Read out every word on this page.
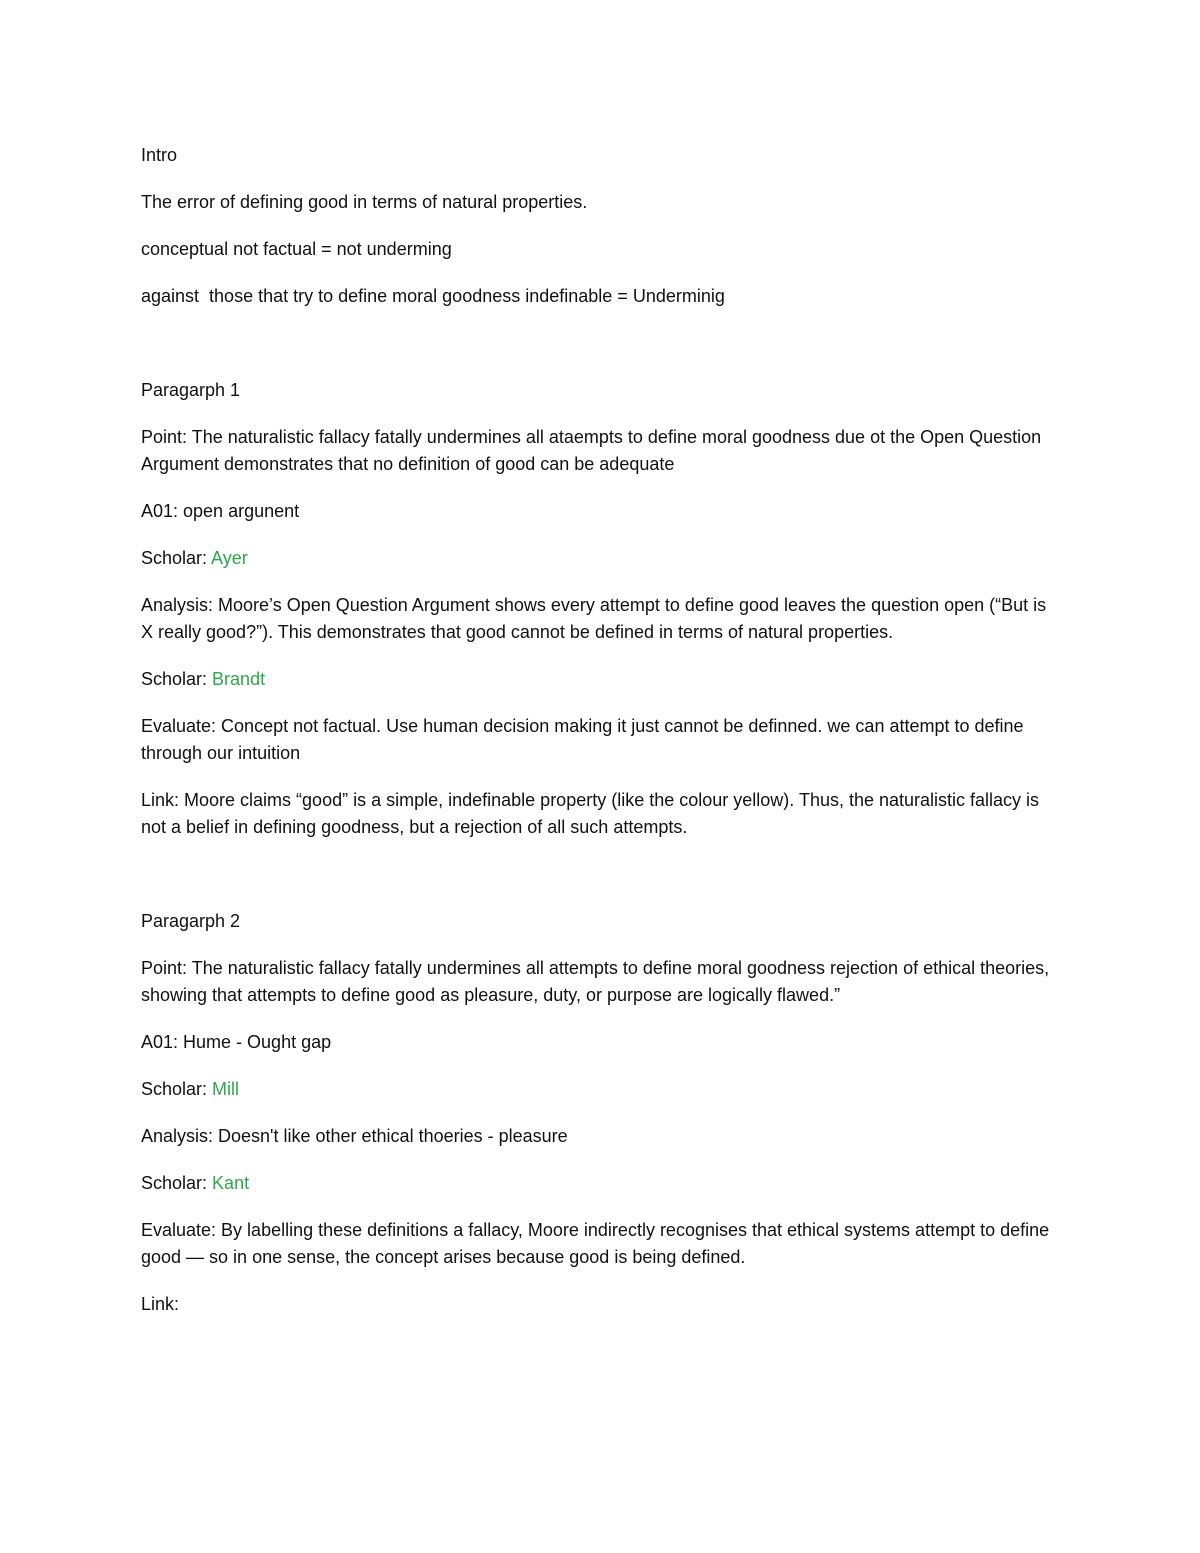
Intro

The error of defining good in terms of natural properties.

conceptual not factual = not underming

against  those that try to define moral goodness indefinable = Underminig

Paragarph 1

Point: The naturalistic fallacy fatally undermines all ataempts to define moral goodness due ot the Open Question Argument demonstrates that no definition of good can be adequate

A01: open argunent

Scholar: Ayer

Analysis: Moore’s Open Question Argument shows every attempt to define good leaves the question open (“But is X really good?”). This demonstrates that good cannot be defined in terms of natural properties.

Scholar: Brandt

Evaluate: Concept not factual. Use human decision making it just cannot be definned. we can attempt to define through our intuition

Link: Moore claims “good” is a simple, indefinable property (like the colour yellow). Thus, the naturalistic fallacy is not a belief in defining goodness, but a rejection of all such attempts.

Paragarph 2

Point: The naturalistic fallacy fatally undermines all attempts to define moral goodness rejection of ethical theories, showing that attempts to define good as pleasure, duty, or purpose are logically flawed.”

A01: Hume - Ought gap

Scholar: Mill

Analysis: Doesn't like other ethical thoeries - pleasure

Scholar: Kant

Evaluate: By labelling these definitions a fallacy, Moore indirectly recognises that ethical systems attempt to define good — so in one sense, the concept arises because good is being defined.

Link:
